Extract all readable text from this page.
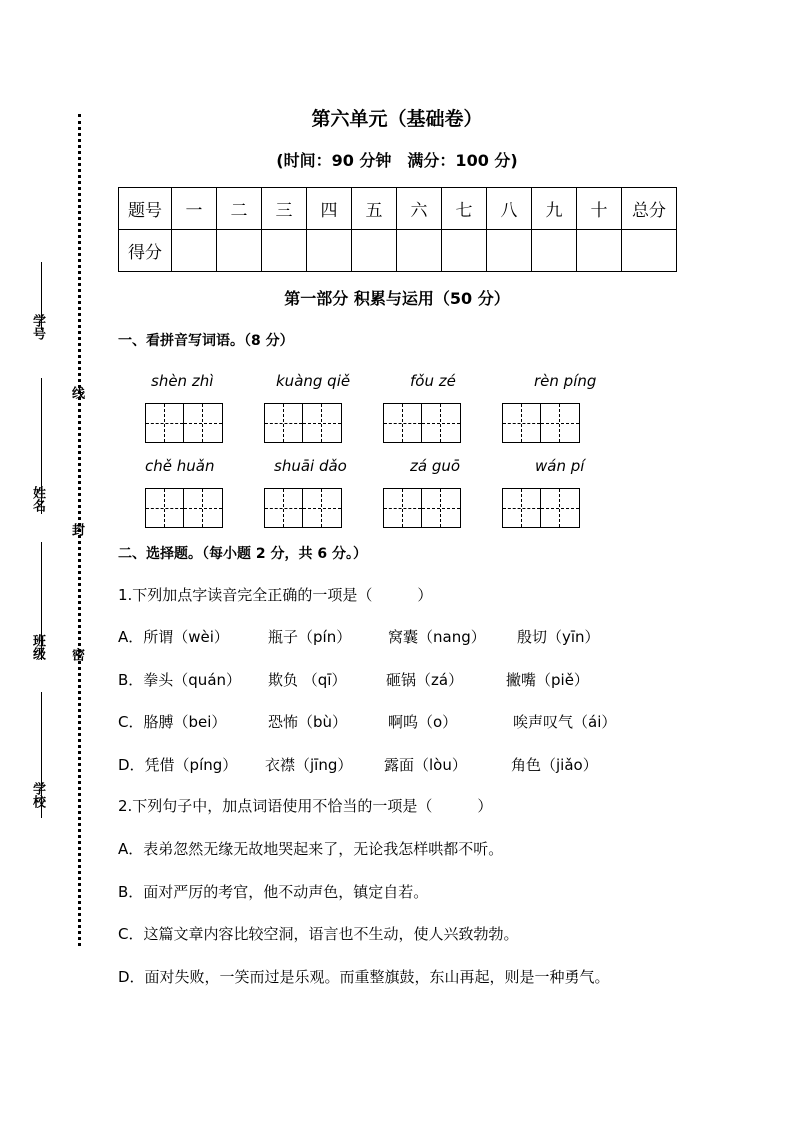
学号
姓名
班级
学校
线
封
密
第六单元（基础卷）
(时间：90 分钟　满分：100 分)
题号	一	二	三	四	五	六	七	八	九	十	总分
得分											
第一部分 积累与运用（50 分）
一、看拼音写词语。（8 分）
shèn zhì	kuàng qiě	fǒu zé	rèn píng
chě huǎn	shuāi dǎo	zá guō	wán pí
二、选择题。（每小题 2 分，共 6 分。）
1.下列加点字读音完全正确的一项是（　　　）
A．所谓（wèi）	瓶子（pín） 窝囊（nang） 殷切（yīn）
B．拳头（quán） 欺负 （qī）	砸锅（zá）	撇嘴（piě）
C．胳膊（bei）	恐怖（bù）	啊呜（o）	唉声叹气（ái）
D．凭借（píng） 衣襟（jīng） 露面（lòu）	角色（jiǎo）
2.下列句子中，加点词语使用不恰当的一项是（　　　）
A．表弟忽然无缘无故地哭起来了，无论我怎样哄都不听。
B．面对严厉的考官，他不动声色，镇定自若。
C．这篇文章内容比较空洞，语言也不生动，使人兴致勃勃。
D．面对失败，一笑而过是乐观。而重整旗鼓，东山再起，则是一种勇气。
